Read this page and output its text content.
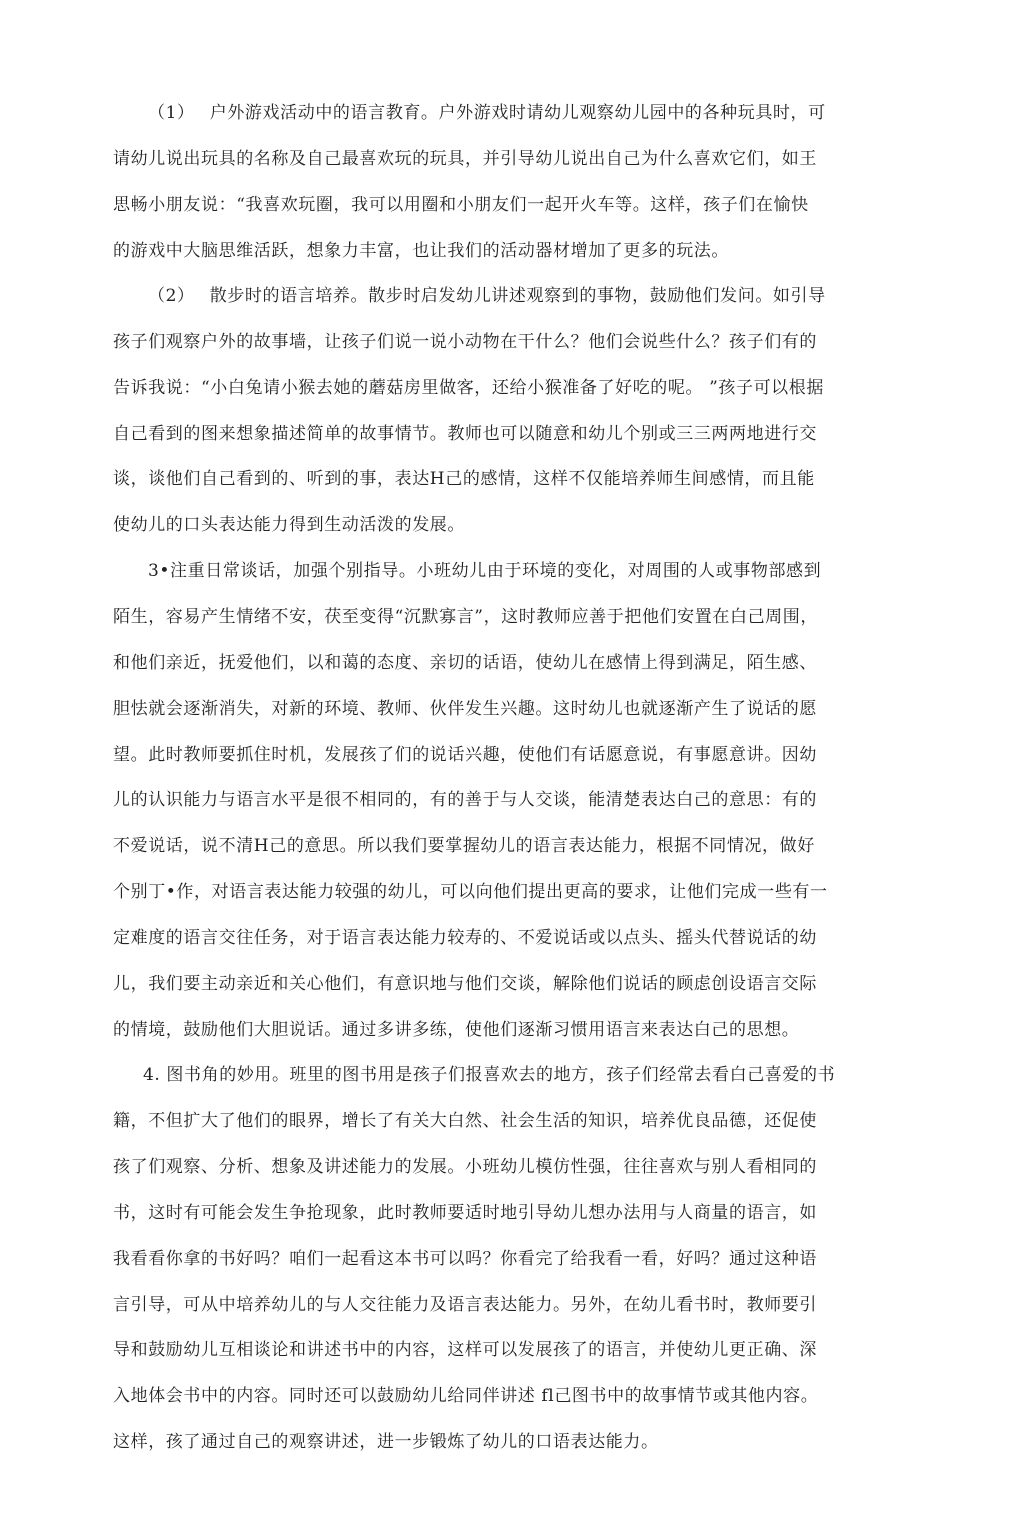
（1）　 户外游戏活动中的语言教育。户外游戏时请幼儿观察幼儿园中的各种玩具时，可
请幼儿说出玩具的名称及自己最喜欢玩的玩具，并引导幼儿说出自己为什么喜欢它们，如王
思畅小朋友说：“我喜欢玩圈，我可以用圈和小朋友们一起开火车等。这样，孩子们在愉快
的游戏中大脑思维活跃，想象力丰富，也让我们的活动器材增加了更多的玩法。
（2）　 散步时的语言培养。散步时启发幼儿讲述观察到的事物，鼓励他们发问。如引导
孩子们观察户外的故事墙，让孩子们说一说小动物在干什么？他们会说些什么？孩子们有的
告诉我说：“小白兔请小猴去她的蘑菇房里做客，还给小猴准备了好吃的呢。 ”孩子可以根据
自己看到的图来想象描述简单的故事情节。教师也可以随意和幼儿个别或三三两两地进行交
谈，谈他们自己看到的、听到的事，表达H己的感情，这样不仅能培养师生间感情，而且能
使幼儿的口头表达能力得到生动活泼的发展。
3•注重日常谈话，加强个别指导。小班幼儿由于环境的变化，对周围的人或事物部感到
陌生，容易产生情绪不安，茯至变得“沉默寡言”，这时教师应善于把他们安置在白己周围，
和他们亲近，抚爱他们，以和蔼的态度、亲切的话语，使幼儿在感情上得到满足，陌生感、
胆怯就会逐渐消失，对新的环境、教师、伙伴发生兴趣。这时幼儿也就逐渐产生了说话的愿
望。此时教师要抓住时机，发展孩了们的说话兴趣，使他们有话愿意说，有事愿意讲。因幼
儿的认识能力与语言水平是很不相同的，有的善于与人交谈，能清楚表达白己的意思：有的
不爱说话，说不清H己的意思。所以我们要掌握幼儿的语言表达能力，根据不同情况，做好
个别丁•作，对语言表达能力较强的幼儿，可以向他们提出更高的要求，让他们完成一些有一
定难度的语言交往任务，对于语言表达能力较寿的、不爱说话或以点头、摇头代替说话的幼
儿，我们要主动亲近和关心他们，有意识地与他们交谈，解除他们说话的顾虑创设语言交际
的情境，鼓励他们大胆说话。通过多讲多练，使他们逐渐习惯用语言来表达白己的思想。
4. 图书角的妙用。班里的图书用是孩子们报喜欢去的地方，孩子们经常去看白己喜爱的书
籍，不但扩大了他们的眼界，增长了有关大白然、社会生活的知识，培养优良品德，还促使
孩了们观察、分析、想象及讲述能力的发展。小班幼儿模仿性强，往往喜欢与别人看相同的
书，这时有可能会发生争抢现象，此时教师要适时地引导幼儿想办法用与人商量的语言，如
我看看你拿的书好吗？咱们一起看这本书可以吗？你看完了给我看一看，好吗？通过这种语
言引导，可从中培养幼儿的与人交往能力及语言表达能力。另外，在幼儿看书时，教师要引
导和鼓励幼儿互相谈论和讲述书中的内容，这样可以发展孩了的语言，并使幼儿更正确、深
入地体会书中的内容。同时还可以鼓励幼儿给同伴讲述 fl己图书中的故事情节或其他内容。
这样，孩了通过自己的观察讲述，进一步锻炼了幼儿的口语表达能力。
